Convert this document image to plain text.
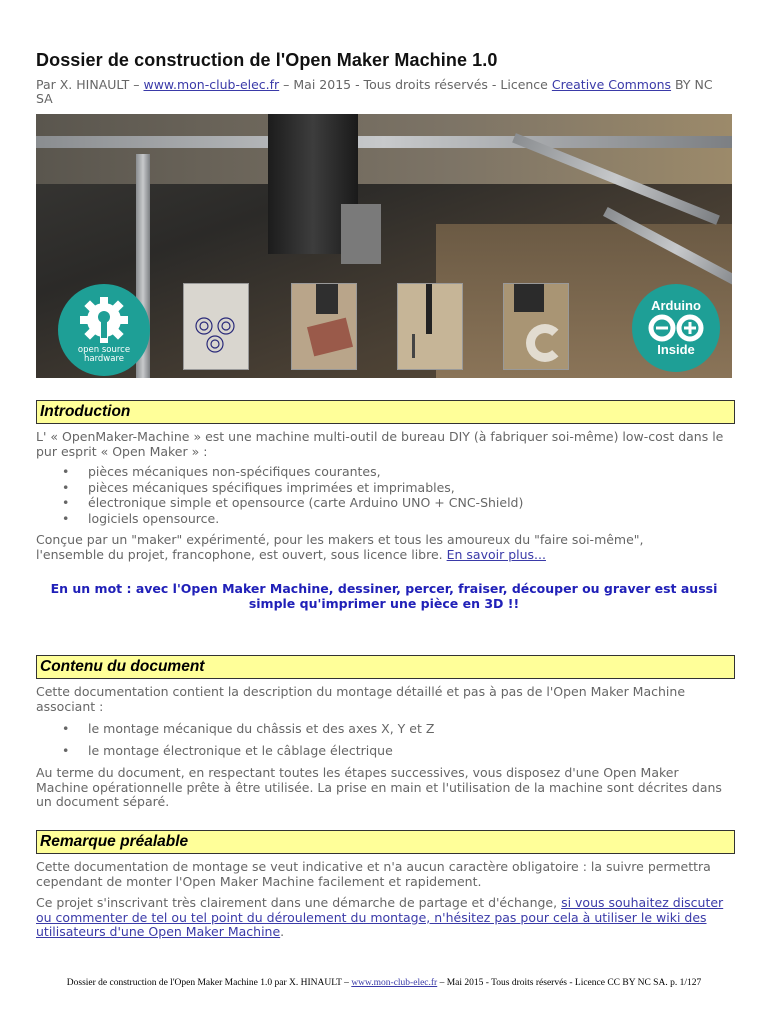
Dossier de construction de l'Open Maker Machine 1.0
Par X. HINAULT – www.mon-club-elec.fr – Mai 2015 - Tous droits réservés - Licence Creative Commons BY NC SA
open source
hardware
Arduino
Inside
Introduction
L' « OpenMaker-Machine » est une machine multi-outil de bureau DIY (à fabriquer soi-même) low-cost dans le pur esprit « Open Maker » :
• pièces mécaniques non-spécifiques courantes,
• pièces mécaniques spécifiques imprimées et imprimables,
• électronique simple et opensource (carte Arduino UNO + CNC-Shield)
• logiciels opensource.
Conçue par un "maker" expérimenté, pour les makers et tous les amoureux du "faire soi-même",
l'ensemble du projet, francophone, est ouvert, sous licence libre. En savoir plus...
En un mot : avec l'Open Maker Machine, dessiner, percer, fraiser, découper ou graver est aussi
simple qu'imprimer une pièce en 3D !!
Contenu du document
Cette documentation contient la description du montage détaillé et pas à pas de l'Open Maker Machine associant :
• le montage mécanique du châssis et des axes X, Y et Z
• le montage électronique et le câblage électrique
Au terme du document, en respectant toutes les étapes successives, vous disposez d'une Open Maker Machine opérationnelle prête à être utilisée. La prise en main et l'utilisation de la machine sont décrites dans un document séparé.
Remarque préalable
Cette documentation de montage se veut indicative et n'a aucun caractère obligatoire : la suivre permettra cependant de monter l'Open Maker Machine facilement et rapidement.
Ce projet s'inscrivant très clairement dans une démarche de partage et d'échange, si vous souhaitez discuter ou commenter de tel ou tel point du déroulement du montage, n'hésitez pas pour cela à utiliser le wiki des utilisateurs d'une Open Maker Machine.
Dossier de construction de l'Open Maker Machine 1.0 par X. HINAULT – www.mon-club-elec.fr – Mai 2015 - Tous droits réservés - Licence CC BY NC SA. p. 1/127
